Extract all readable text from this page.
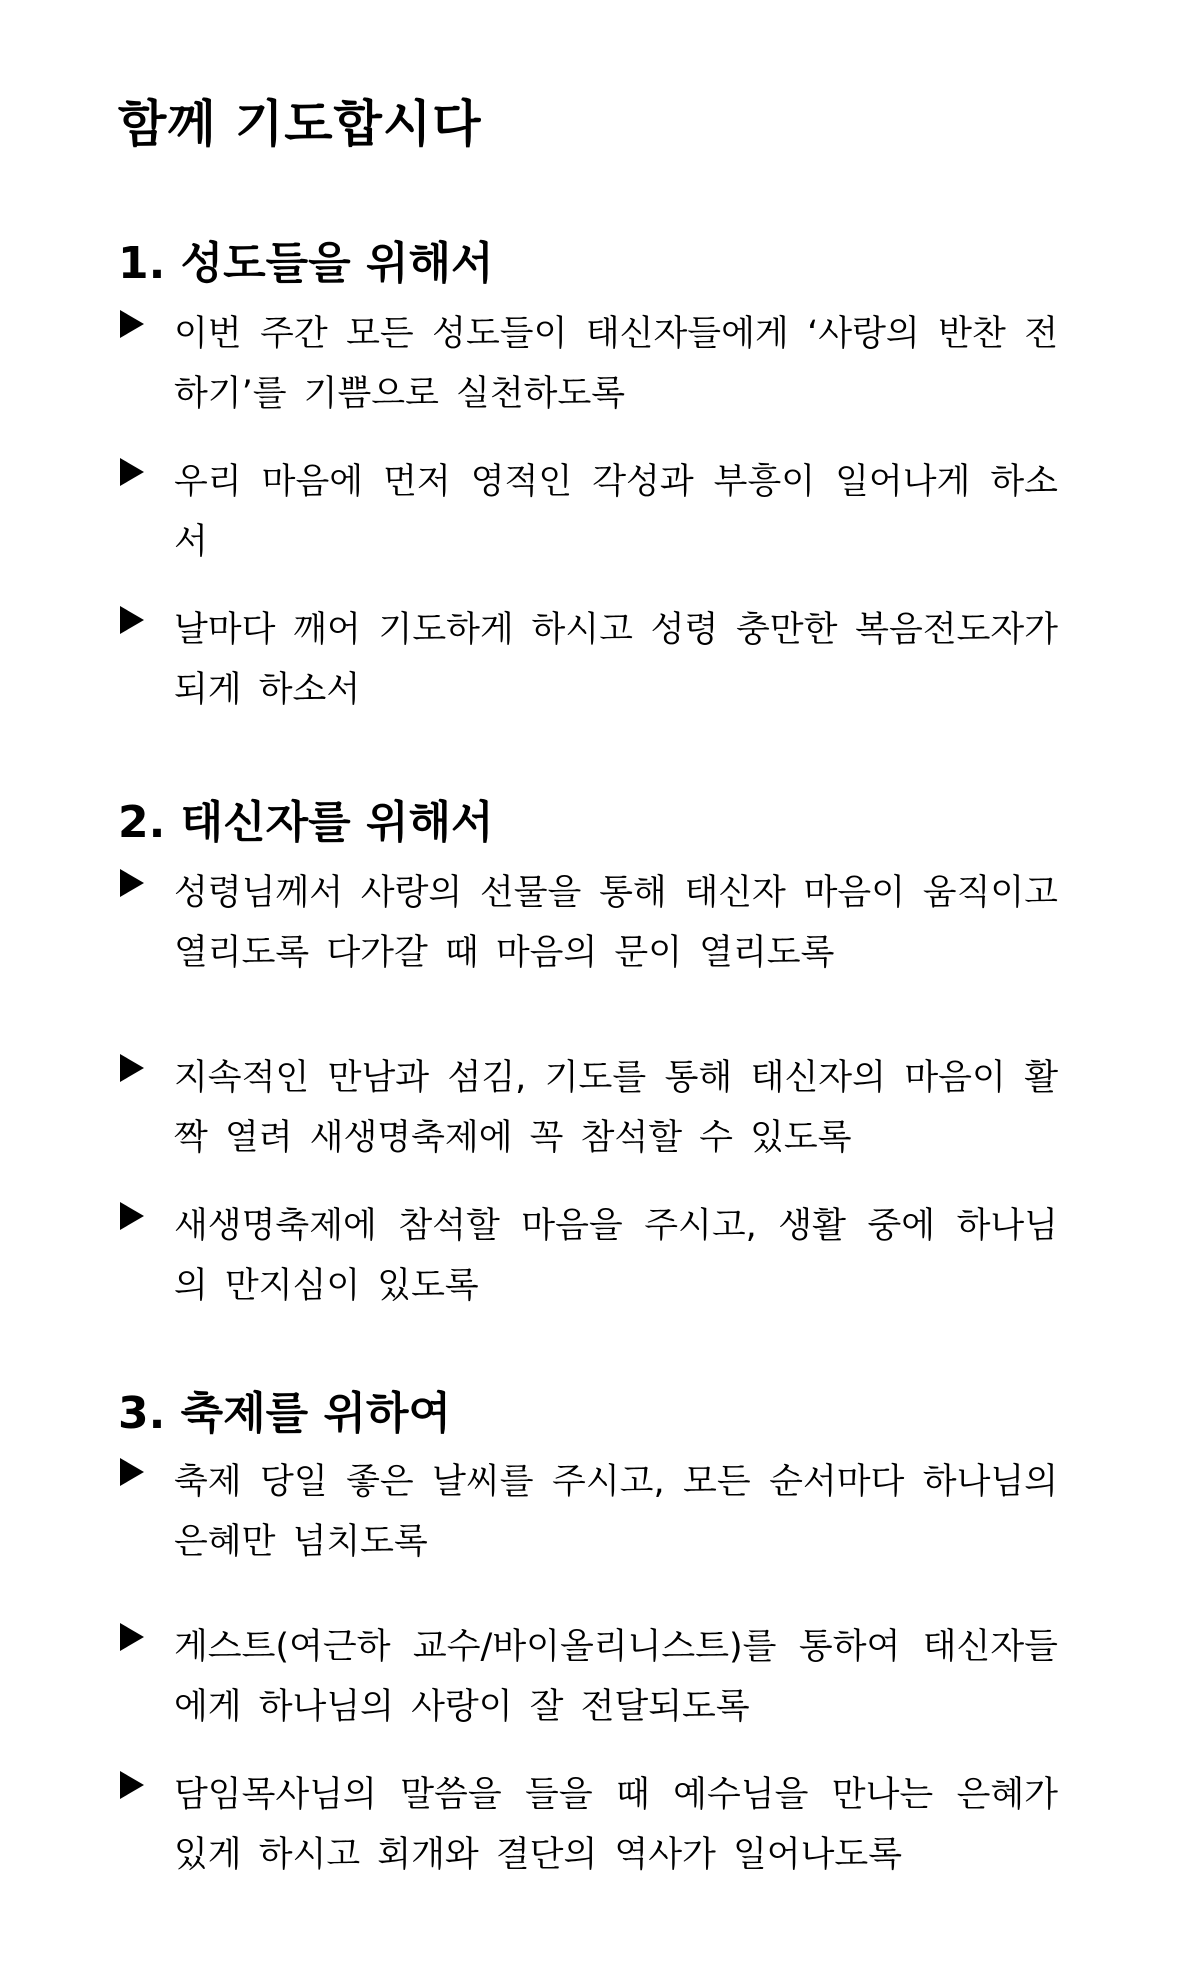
함께 기도합시다
1. 성도들을 위해서

이번 주간 모든 성도들이 태신자들에게 ‘사랑의 반찬 전하기’를 기쁨으로 실천하도록

우리 마음에 먼저 영적인 각성과 부흥이 일어나게 하소서

날마다 깨어 기도하게 하시고 성령 충만한 복음전도자가 되게 하소서

2. 태신자를 위해서

성령님께서 사랑의 선물을 통해 태신자 마음이 움직이고 열리도록 다가갈 때 마음의 문이 열리도록

지속적인 만남과 섬김, 기도를 통해 태신자의 마음이 활짝 열려 새생명축제에 꼭 참석할 수 있도록

새생명축제에 참석할 마음을 주시고, 생활 중에 하나님의 만지심이 있도록

3. 축제를 위하여

축제 당일 좋은 날씨를 주시고, 모든 순서마다 하나님의 은혜만 넘치도록

게스트(여근하 교수/바이올리니스트)를 통하여 태신자들에게 하나님의 사랑이 잘 전달되도록

담임목사님의 말씀을 들을 때 예수님을 만나는 은혜가 있게 하시고 회개와 결단의 역사가 일어나도록
